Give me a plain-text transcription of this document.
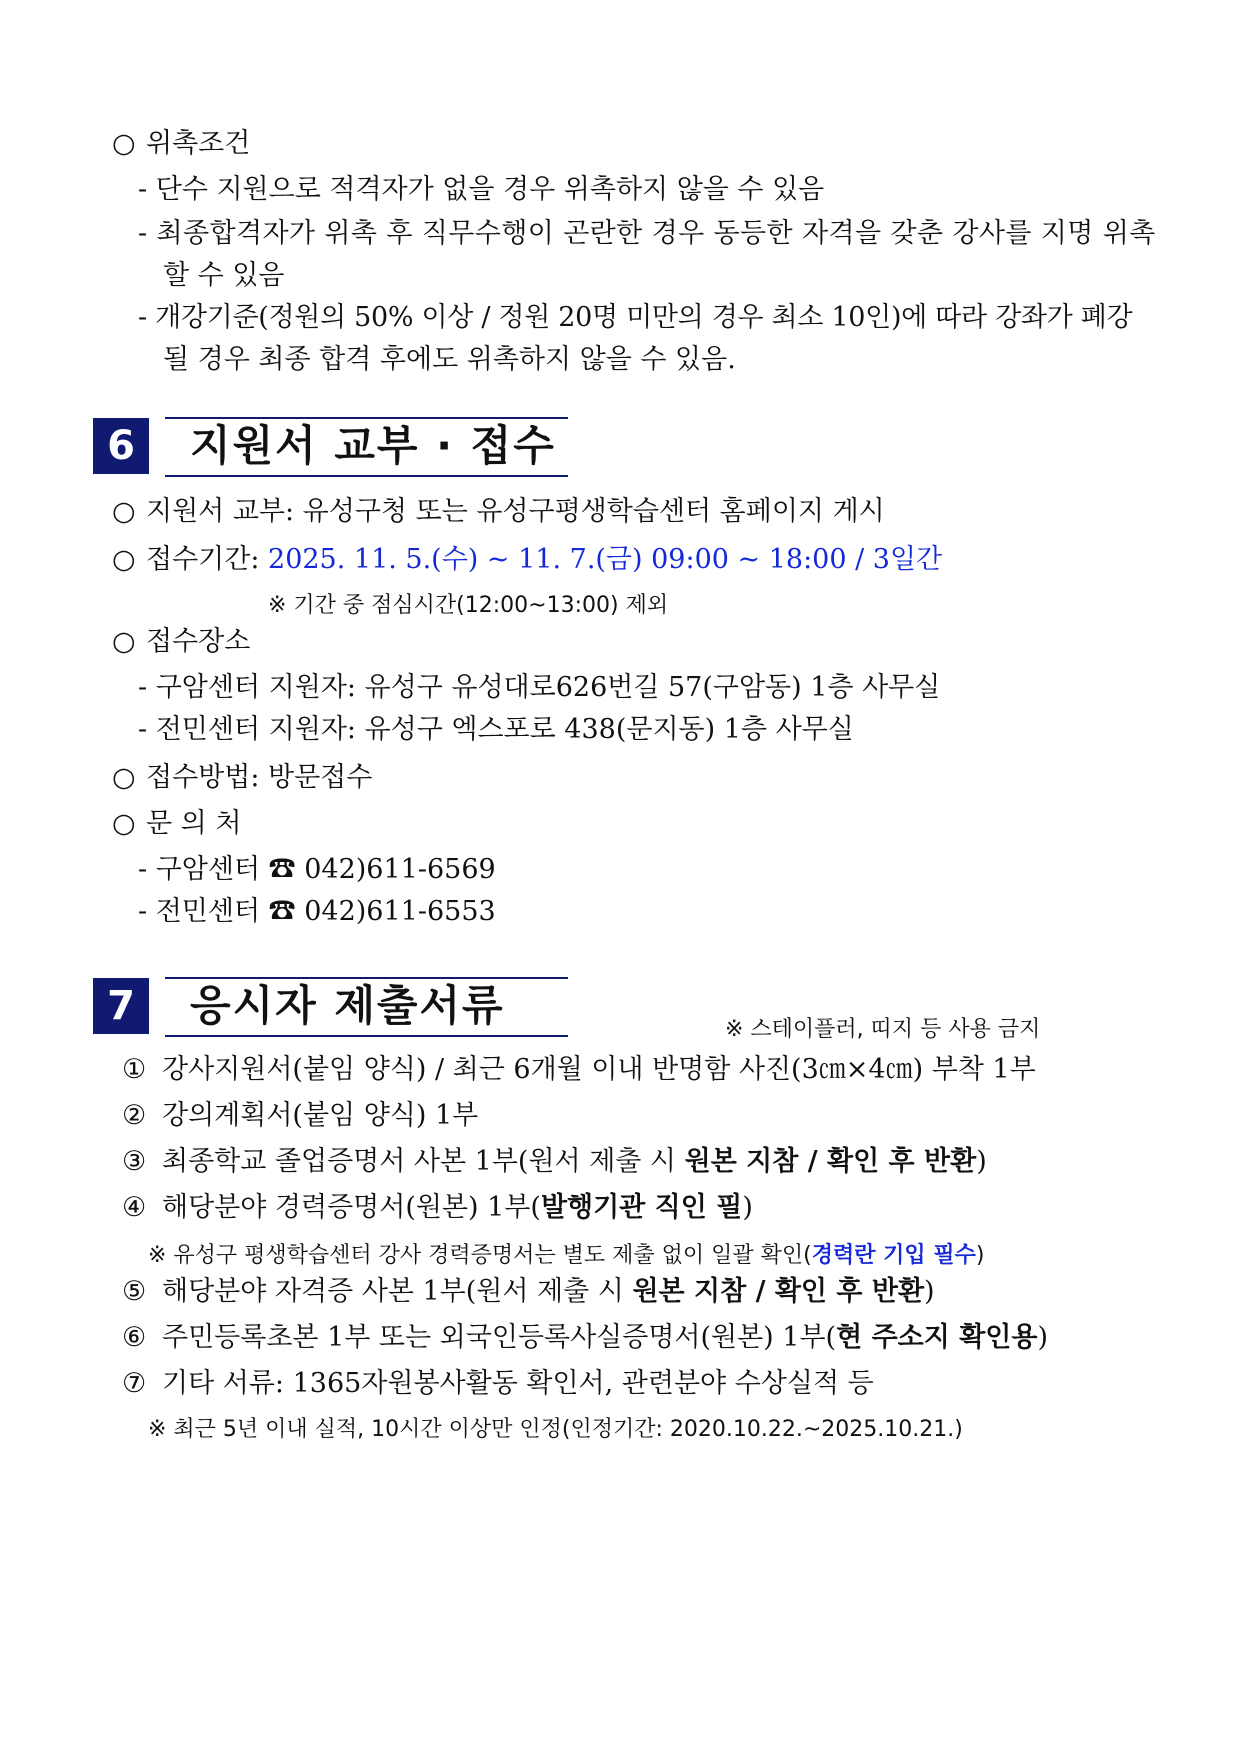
○ 위촉조건
- 단수 지원으로 적격자가 없을 경우 위촉하지 않을 수 있음
- 최종합격자가 위촉 후 직무수행이 곤란한 경우 동등한 자격을 갖춘 강사를 지명 위촉
할 수 있음
- 개강기준(정원의 50% 이상 / 정원 20명 미만의 경우 최소 10인)에 따라 강좌가 폐강
될 경우 최종 합격 후에도 위촉하지 않을 수 있음.
6	지원서 교부 · 접수
○ 지원서 교부: 유성구청 또는 유성구평생학습센터 홈페이지 게시
○ 접수기간: 2025. 11. 5.(수) ~ 11. 7.(금) 09:00 ~ 18:00 / 3일간
※ 기간 중 점심시간(12:00~13:00) 제외
○ 접수장소
- 구암센터 지원자: 유성구 유성대로626번길 57(구암동) 1층 사무실
- 전민센터 지원자: 유성구 엑스포로 438(문지동) 1층 사무실
○ 접수방법: 방문접수
○ 문 의 처
- 구암센터 ☎ 042)611-6569
- 전민센터 ☎ 042)611-6553
7	응시자 제출서류	※ 스테이플러, 띠지 등 사용 금지
① 강사지원서(붙임 양식) / 최근 6개월 이내 반명함 사진(3㎝×4㎝) 부착 1부
② 강의계획서(붙임 양식) 1부
③ 최종학교 졸업증명서 사본 1부(원서 제출 시 원본 지참 / 확인 후 반환)
④ 해당분야 경력증명서(원본) 1부(발행기관 직인 필)
※ 유성구 평생학습센터 강사 경력증명서는 별도 제출 없이 일괄 확인(경력란 기입 필수)
⑤ 해당분야 자격증 사본 1부(원서 제출 시 원본 지참 / 확인 후 반환)
⑥ 주민등록초본 1부 또는 외국인등록사실증명서(원본) 1부(현 주소지 확인용)
⑦ 기타 서류: 1365자원봉사활동 확인서, 관련분야 수상실적 등
※ 최근 5년 이내 실적, 10시간 이상만 인정(인정기간: 2020.10.22.~2025.10.21.)
